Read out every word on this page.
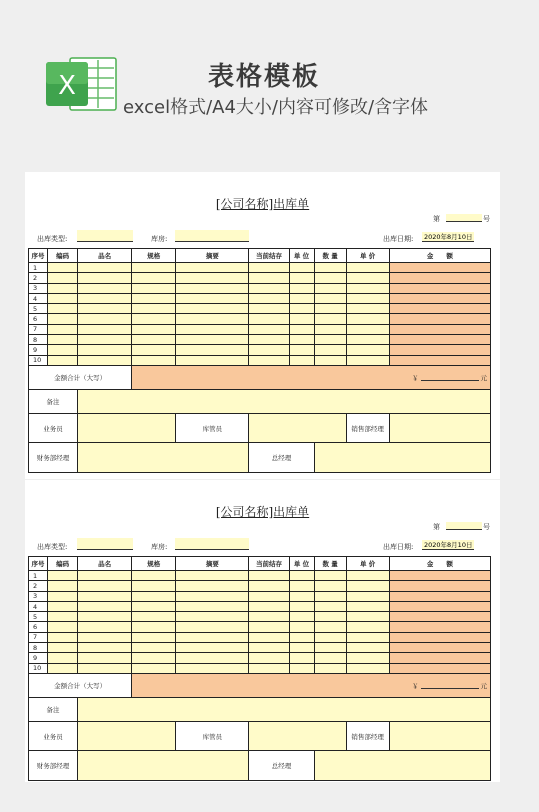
X	表格模板
excel格式/A4大小/内容可修改/含字体
[公司名称]出库单
第	号
出库类型:	库房:	出库日期:	2020年8月10日
序号	编码	品名	规格	摘要	当前结存	单 位	数 量	单 价	金　　额
1									
2									
3									
4									
5									
6									
7									
8									
9									
10									
金额合计（大写）		￥ 元					

备注							
业务员			库管员			销售部经理	
财务部经理				总经理			
[公司名称]出库单
第	号
出库类型:	库房:	出库日期:	2020年8月10日
序号	编码	品名	规格	摘要	当前结存	单 位	数 量	单 价	金　　额
1									
2									
3									
4									
5									
6									
7									
8									
9									
10									
金额合计（大写）		￥ 元					

备注							
业务员			库管员			销售部经理	
财务部经理				总经理			
